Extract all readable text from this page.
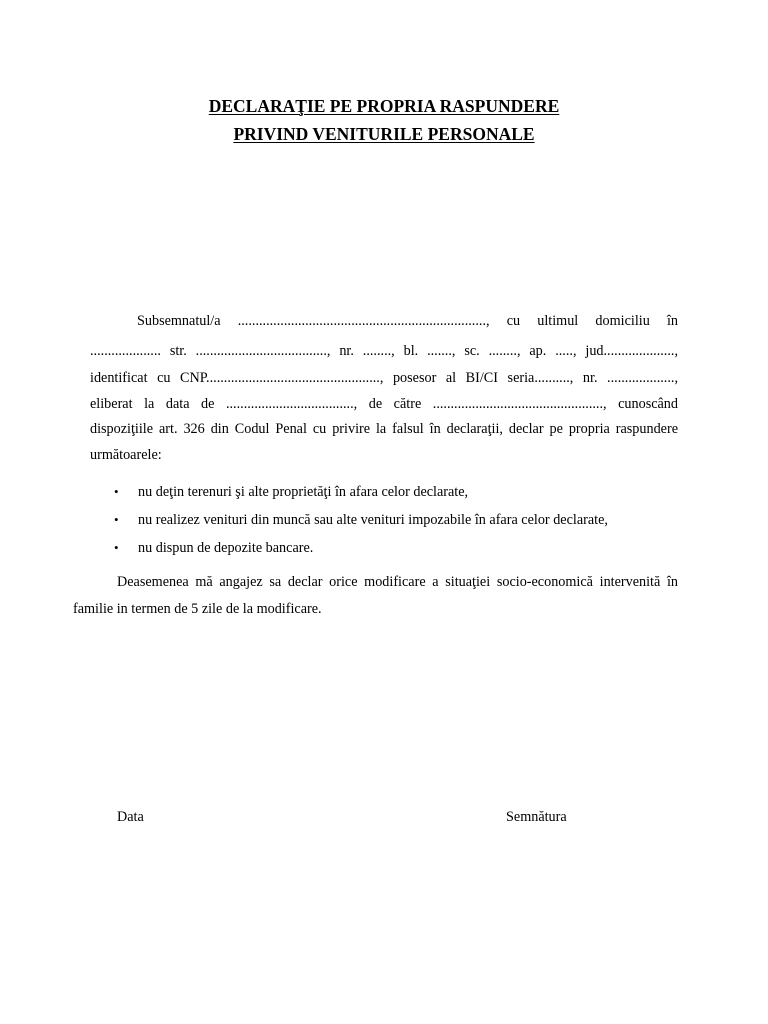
DECLARAŢIE PE PROPRIA RASPUNDERE
PRIVIND VENITURILE PERSONALE
Subsemnatul/a ......................................................................, cu ultimul domiciliu în
.................... str. ....................................., nr. ........, bl. ......., sc. ........, ap. ....., jud....................,
identificat cu CNP................................................., posesor al BI/CI seria.........., nr. ...................,
eliberat la data de ...................................., de către ................................................, cunoscând
dispoziţiile art. 326 din Codul Penal cu privire la falsul în declaraţii, declar pe propria raspundere
următoarele:
• nu deţin terenuri şi alte proprietăţi în afara celor declarate,
• nu realizez venituri din muncă sau alte venituri impozabile în afara celor declarate,
• nu dispun de depozite bancare.
Deasemenea mă angajez sa declar orice modificare a situaţiei socio-economică intervenită în
familie in termen de 5 zile de la modificare.
Data	Semnătura
